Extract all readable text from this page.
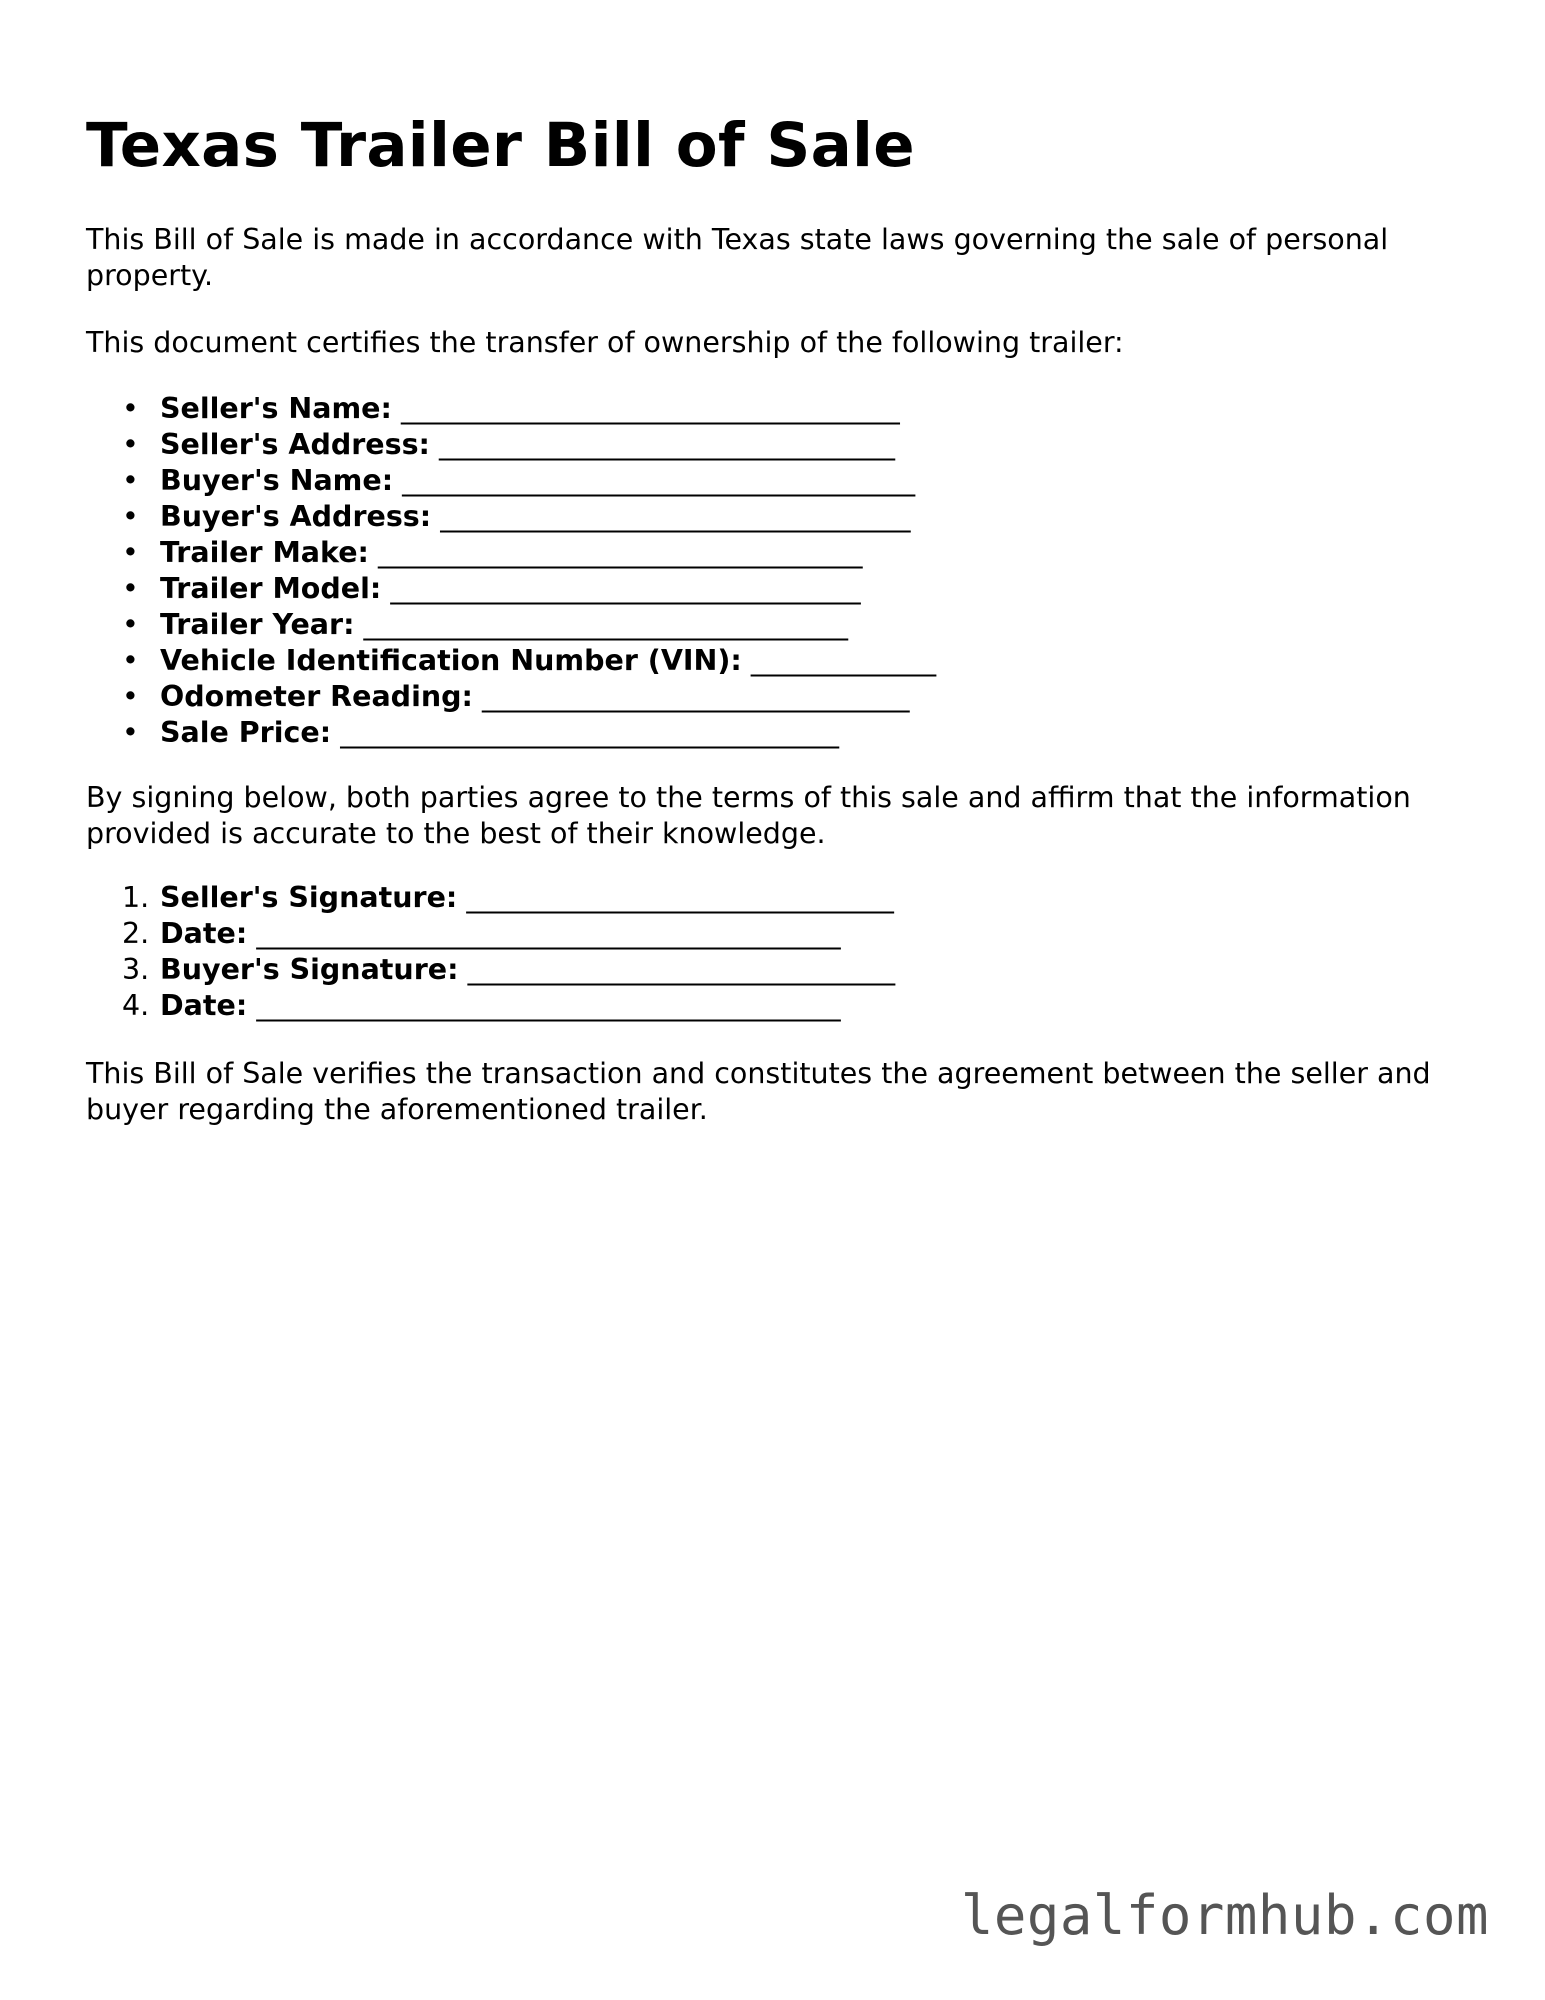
Texas Trailer Bill of Sale

This Bill of Sale is made in accordance with Texas state laws governing the sale of personal property.

This document certifies the transfer of ownership of the following trailer:

• Seller's Name: ___________________________________
• Seller's Address: ________________________________
• Buyer's Name: ____________________________________
• Buyer's Address: _________________________________
• Trailer Make: __________________________________
• Trailer Model: _________________________________
• Trailer Year: __________________________________
• Vehicle Identification Number (VIN): _____________
• Odometer Reading: ______________________________
• Sale Price: ___________________________________

By signing below, both parties agree to the terms of this sale and affirm that the information provided is accurate to the best of their knowledge.

1. Seller's Signature: ______________________________
2. Date: _________________________________________
3. Buyer's Signature: ______________________________
4. Date: _________________________________________

This Bill of Sale verifies the transaction and constitutes the agreement between the seller and buyer regarding the aforementioned trailer.

legalformhub.com
